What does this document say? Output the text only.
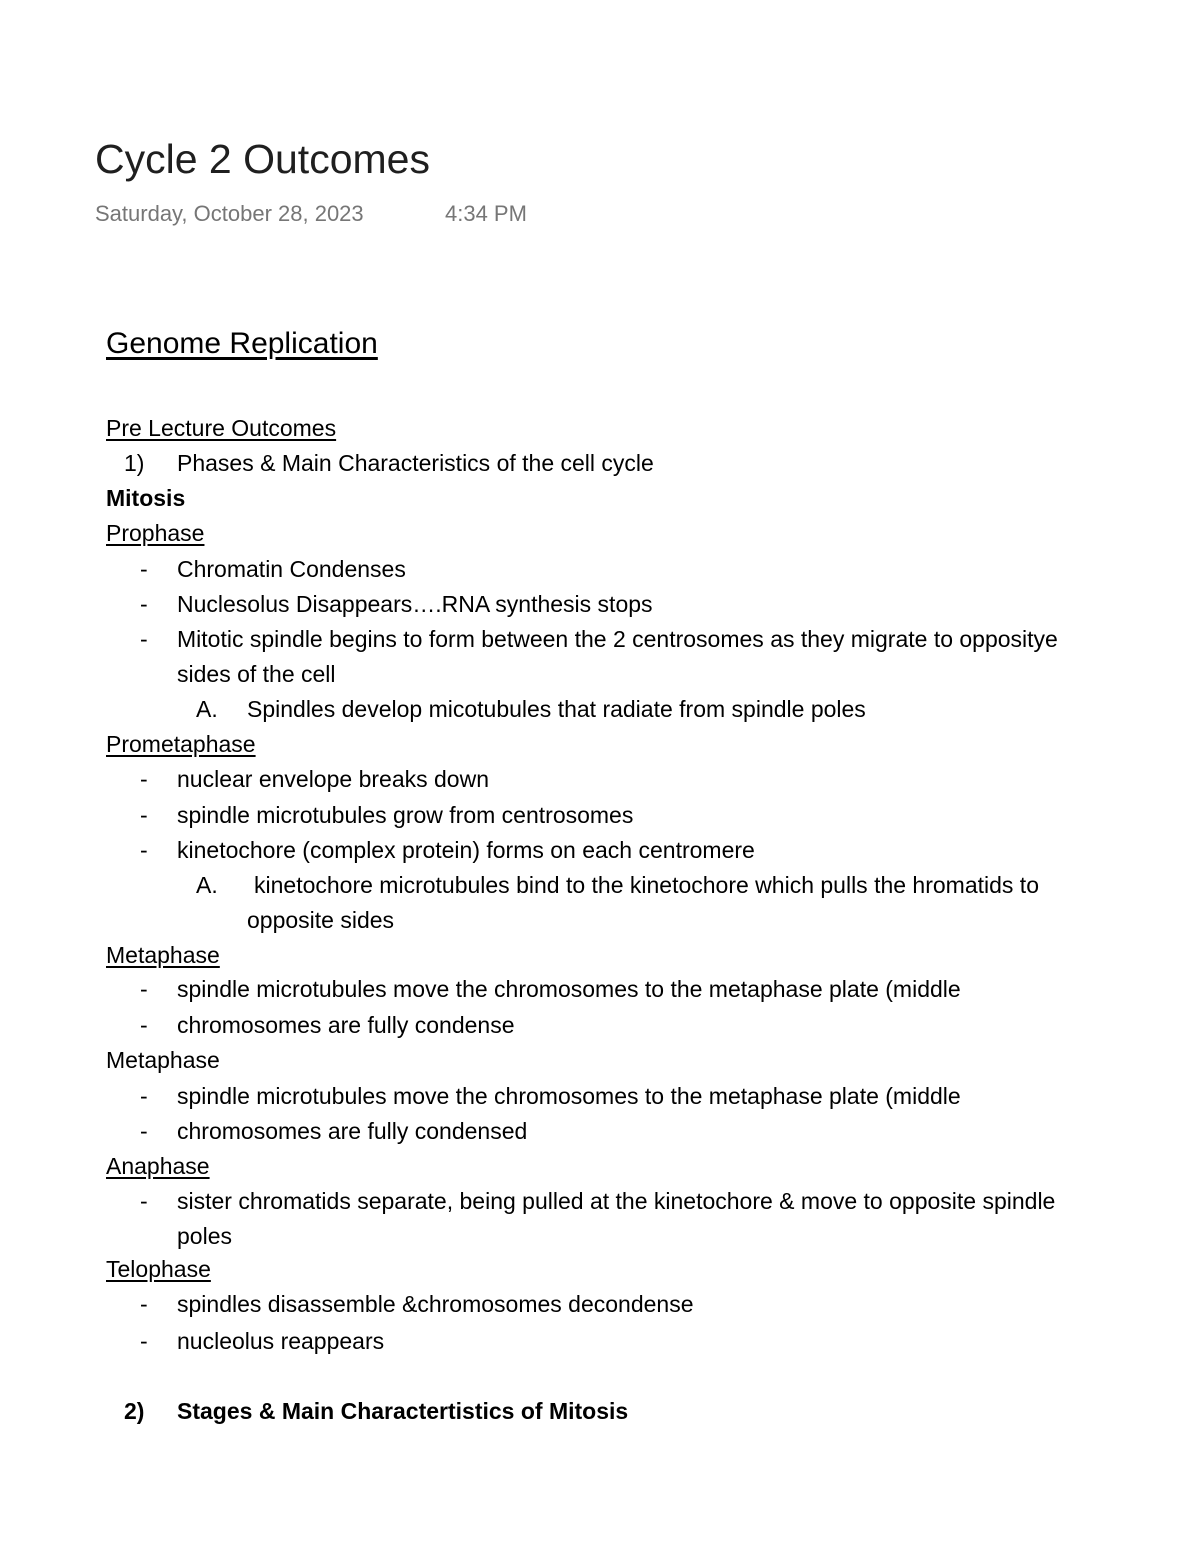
Cycle 2 Outcomes
Saturday, October 28, 2023	4:34 PM
Genome Replication
Pre Lecture Outcomes
1) Phases & Main Characteristics of the cell cycle
Mitosis
Prophase
- Chromatin Condenses
- Nuclesolus Disappears….RNA synthesis stops
- Mitotic spindle begins to form between the 2 centrosomes as they migrate to oppositye
sides of the cell
A. Spindles develop micotubules that radiate from spindle poles
Prometaphase
- nuclear envelope breaks down
- spindle microtubules grow from centrosomes
- kinetochore (complex protein) forms on each centromere
A. kinetochore microtubules bind to the kinetochore which pulls the hromatids to
opposite sides
Metaphase
- spindle microtubules move the chromosomes to the metaphase plate (middle
- chromosomes are fully condense
Metaphase
- spindle microtubules move the chromosomes to the metaphase plate (middle
- chromosomes are fully condensed
Anaphase
- sister chromatids separate, being pulled at the kinetochore & move to opposite spindle
poles
Telophase
- spindles disassemble &chromosomes decondense
- nucleolus reappears
2) Stages & Main Charactertistics of Mitosis
